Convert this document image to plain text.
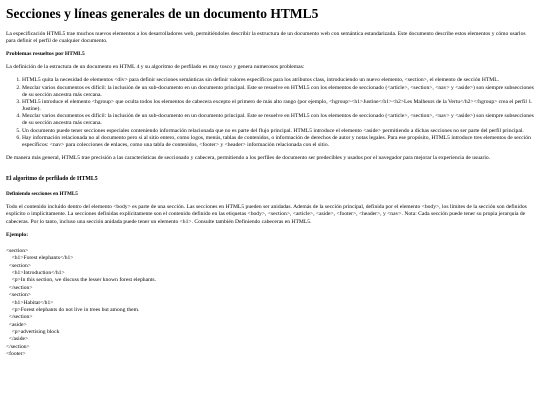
Secciones y líneas generales de un documento HTML5

La especificación HTML5 trae muchos nuevos elementos a los desarrolladores web, permitiéndoles describir la estructura de un documento web con semántica estandarizada. Este documento describe estos elementos y cómo usarlos para definir el perfil de cualquier documento.

Problemas resueltos por HTML5

La definición de la estructura de un documento en HTML 4 y su algoritmo de perfilado es muy tosco y genera numerosos problemas:

1. HTML5 quita la necesidad de elementos <div> para definir secciones semánticas sin definir valores específicos para los atributos class, introduciendo un nuevo elemento, <section>, el elemento de sección HTML.
2. Mezclar varios documentos es difícil: la inclusión de un sub-documento en un documento principal. Este se resuelve en HTML5 con los elementos de seccionado (<article>, <section>, <nav> y <aside>) son siempre subsecciones de su sección ancestra más cercana.
3. HTML5 introduce el elemento <hgroup> que oculta todos los elementos de cabecera excepto el primero de más alto rango (por ejemplo, <hgroup><h1>Justine</h1><h2>Les Malheurs de la Vertu</h2></hgroup> crea el perfil 1. Justine).
4. Mezclar varios documentos es difícil: la inclusión de un sub-documento en un documento principal. Este se resuelve en HTML5 con los elementos de seccionado (<article>, <section>, <nav> y <aside>) son siempre subsecciones de su sección ancestra más cercana.
5. Un documento puede tener secciones especiales conteniendo información relacionada que no es parte del flujo principal. HTML5 introduce el elemento <aside> permitiendo a dichas secciones no ser parte del perfil principal.
6. Hay información relacionada no al documento pero si al sitio entero, como logos, menús, tablas de contenidos, o información de derechos de autor y notas legales. Para ese propósito, HTML5 introduce tres elementos de sección específicos: <nav> para colecciones de enlaces, como una tabla de contenidos, <footer> y <header> información relacionada con el sitio.

De manera más general, HTML5 trae precisión a las características de seccionado y cabecera, permitiendo a los perfiles de documento ser predecibles y usados por el navegador para mejorar la experiencia de usuario.

El algoritmo de perfilado de HTML5
Definiendo secciones en HTML5

Todo el contenido incluido dentro del elemento <body> es parte de una sección. Las secciones en HTML5 pueden ser anidadas. Además de la sección principal, definida por el elemento <body>, los límites de la sección son definidos explícito o implícitamente. La secciones definidas explícitamente son el contenido definido en las etiquetas <body>, <section>, <article>, <aside>, <footer>, <header>, y <nav>. Nota: Cada sección puede tener su propia jerarquía de cabeceras. Por lo tanto, incluso una sección anidada puede tener un elemento <h1>. Consulte también Definiendo cabeceras en HTML5.

Ejemplo:

<section>
<h1>Forest elephants</h1>
<section>
<h1>Introduction</h1>
<p>In this section, we discuss the lesser known forest elephants.
</section>
<section>
<h1>Habitat</h1>
<p>Forest elephants do not live in trees but among them.
</section>
<aside>
<p>advertising block
</aside>
</section>
<footer>
